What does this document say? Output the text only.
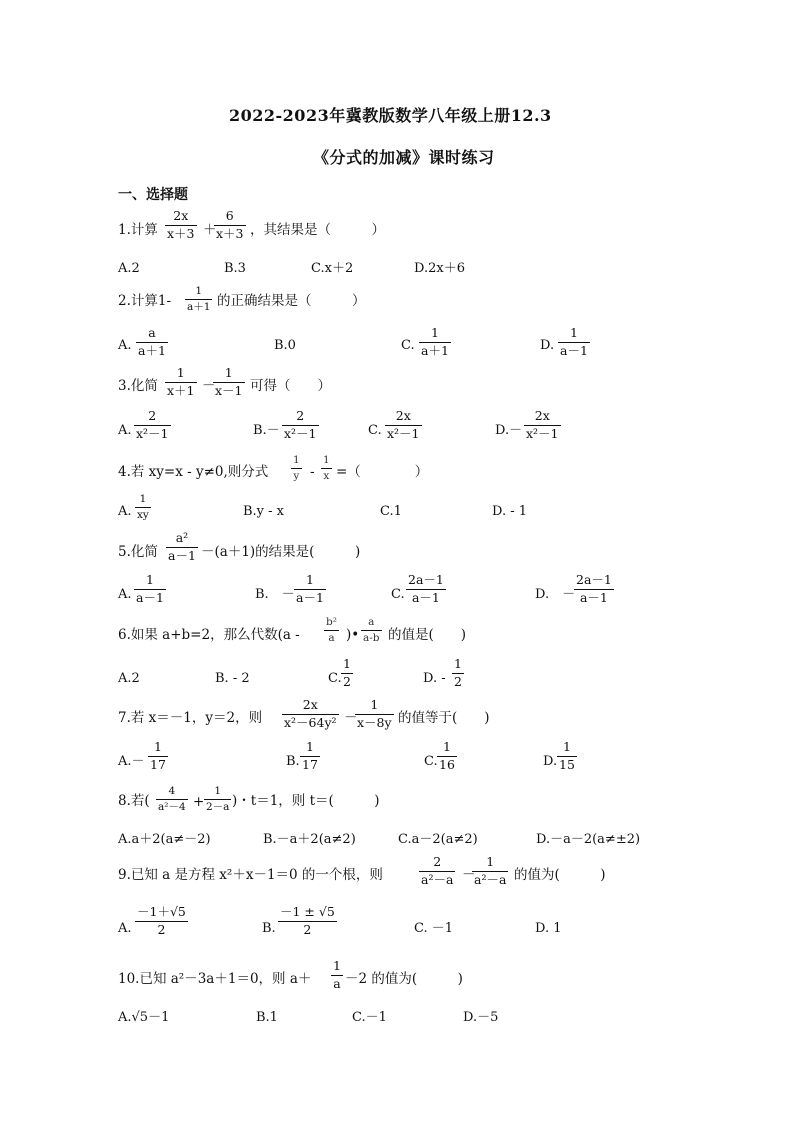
2022-2023年冀教版数学八年级上册12.3
《分式的加减》课时练习
一、选择题
1.计算 $\frac{2x}{x+3}$ ＋
$\frac{6}{x+3}$ ，其结果是（　　　）
A.2	B.3	C.x＋2	D.2x＋6
2.计算$1- \frac{1}{a+1}$ 的正确结果是（　　　）
A. $\frac{a}{a+1}$	B.0	C. $\frac{1}{a+1}$	D. $\frac{1}{a-1}$
3.化简 $\frac{1}{x+1}$ －
$\frac{1}{x-1}$ 可得（　　）
A. $\frac{2}{\text{x²－1}}$	$B.- \frac{2}{\text{x²－1}}$	C. $\frac{2x}{\text{x²－1}}$	$D.- \frac{2x}{\text{x²－1}}$
4.若 xy=x - y≠0,则分式 $\frac{1}{y} - \frac{1}{x}$ =（　　　　）
A. $\frac{1}{xy}$	B.y - x	C.1	D. - 1
5.化简 $\frac{\text{a²}}{a-1} -(a+1)$的结果是(　　　)
A. $\frac{1}{a-1}$	B.　－ $\frac{1}{a-1}$	C. $\frac{2a-1}{a-1}$	D.　－
$\frac{2a-1}{a-1}$
6.如果 a+b=2，那么代数($a - \frac{\text{b²}}{a}$ )• $\frac{a}{a-b}$ 的值是(　　)
A.2	B. - 2	C. $\frac{1}{2}$	D. - $\frac{1}{2}$
7.若 x＝－1，y＝2，则 $\frac{2x}{\text{x²－64y²}}$ －
$\frac{1}{x-8y}$ 的值等于(　　)
$A.- \frac{1}{17}$	B. $\frac{1}{17}$	C. $\frac{1}{16}$	D. $\frac{1}{15}$
8.若( $\frac{4}{\text{a²－4}} + \frac{1}{2-a}$ )・t＝1，则 t＝(　　　)
A.a＋2(a≠－2)	B.－a＋2(a≠2)	C.a－2(a≠2)	D.－a－2(a≠±2)
9.已知 a 是方程 x²＋x－1＝0 的一个根，则	$\frac{2}{\text{a²－a}}$ －
$\frac{1}{\text{a²－a}}$ 的值为(　　　)
A. $\frac{-1+√5}{2}$	B. $\frac{-1 \pm √5}{2}$	C. －1	D. 1
10.已知 a²－3a＋1＝0，则 $a+ \frac{1}{a} -2$ 的值为(　　　)
A.√5－1	B.1	C.－1	D.－5
